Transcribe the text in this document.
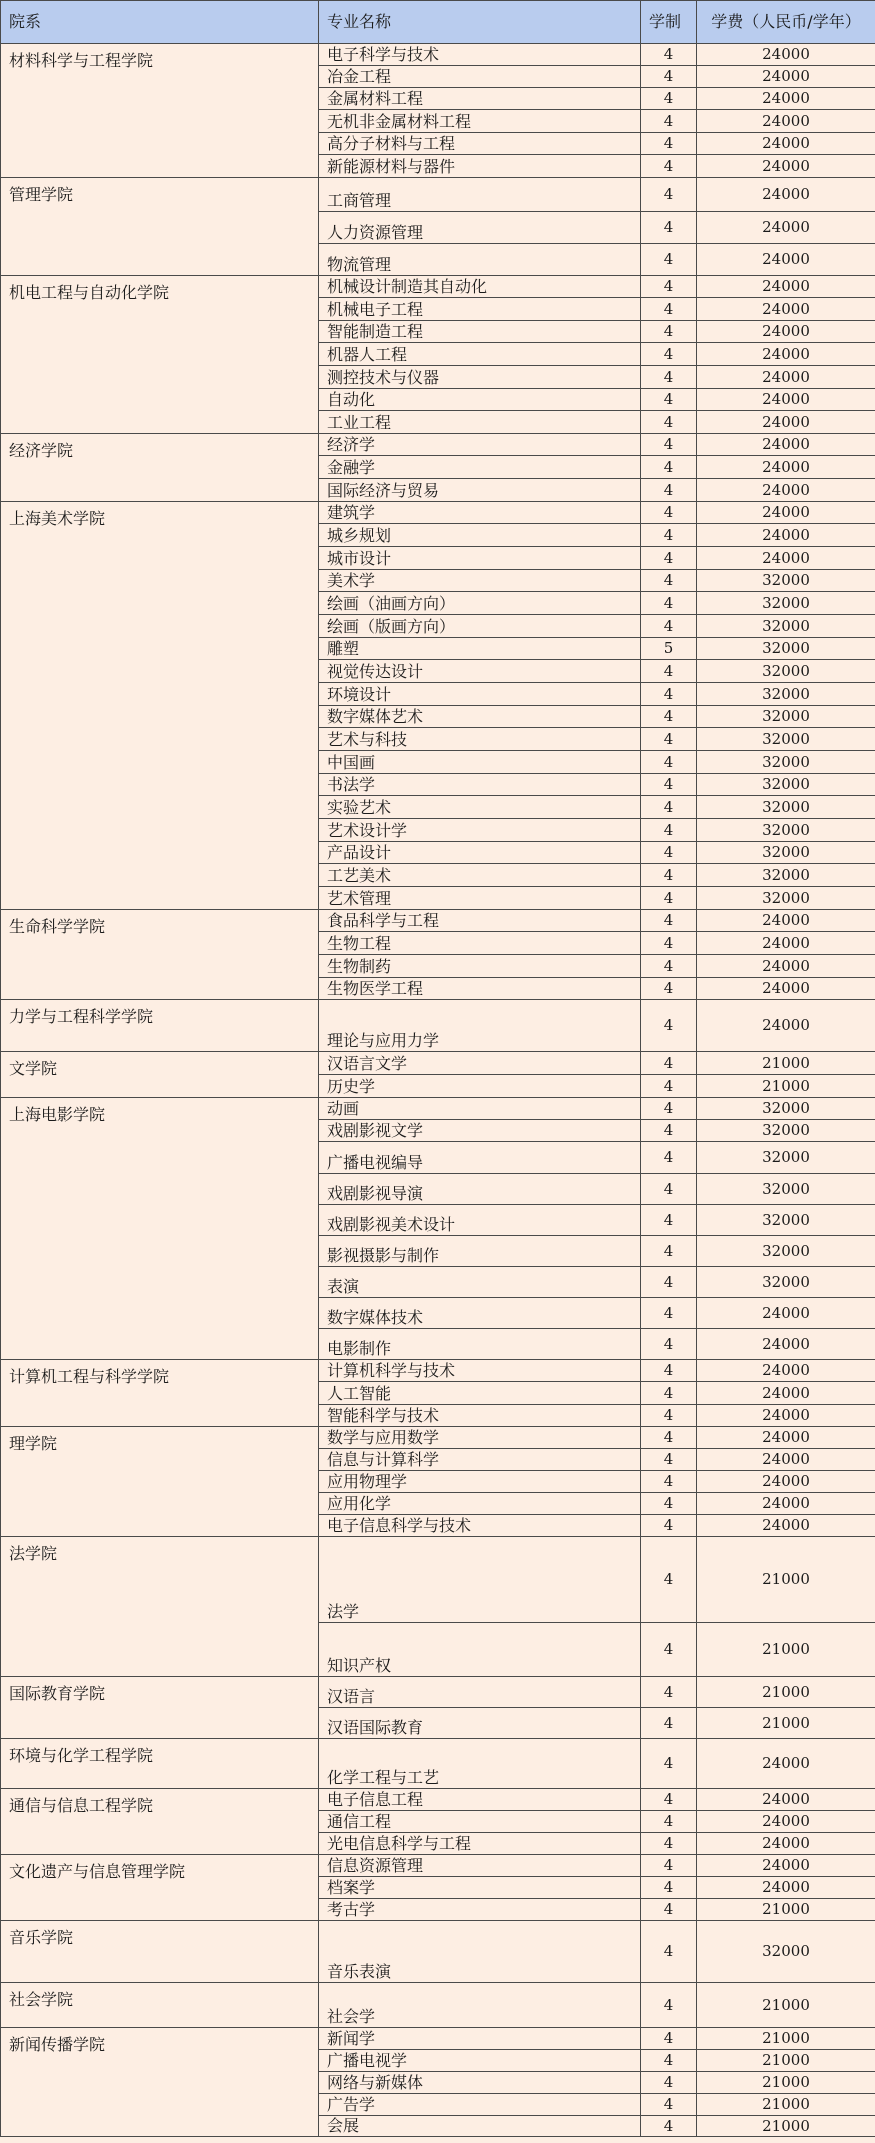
院系	专业名称	学制	学费（人民币/学年）
材料科学与工程学院	电子科学与技术	4	24000
	冶金工程	4	24000
	金属材料工程	4	24000
	无机非金属材料工程	4	24000
	高分子材料与工程	4	24000
	新能源材料与器件	4	24000
管理学院	工商管理	4	24000
	人力资源管理	4	24000
	物流管理	4	24000
机电工程与自动化学院	机械设计制造其自动化	4	24000
	机械电子工程	4	24000
	智能制造工程	4	24000
	机器人工程	4	24000
	测控技术与仪器	4	24000
	自动化	4	24000
	工业工程	4	24000
经济学院	经济学	4	24000
	金融学	4	24000
	国际经济与贸易	4	24000
上海美术学院	建筑学	4	24000
	城乡规划	4	24000
	城市设计	4	24000
	美术学	4	32000
	绘画（油画方向）	4	32000
	绘画（版画方向）	4	32000
	雕塑	5	32000
	视觉传达设计	4	32000
	环境设计	4	32000
	数字媒体艺术	4	32000
	艺术与科技	4	32000
	中国画	4	32000
	书法学	4	32000
	实验艺术	4	32000
	艺术设计学	4	32000
	产品设计	4	32000
	工艺美术	4	32000
	艺术管理	4	32000
生命科学学院	食品科学与工程	4	24000
	生物工程	4	24000
	生物制药	4	24000
	生物医学工程	4	24000
力学与工程科学学院	理论与应用力学	4	24000
文学院	汉语言文学	4	21000
	历史学	4	21000
上海电影学院	动画	4	32000
	戏剧影视文学	4	32000
	广播电视编导	4	32000
	戏剧影视导演	4	32000
	戏剧影视美术设计	4	32000
	影视摄影与制作	4	32000
	表演	4	32000
	数字媒体技术	4	24000
	电影制作	4	24000
计算机工程与科学学院	计算机科学与技术	4	24000
	人工智能	4	24000
	智能科学与技术	4	24000
理学院	数学与应用数学	4	24000
	信息与计算科学	4	24000
	应用物理学	4	24000
	应用化学	4	24000
	电子信息科学与技术	4	24000
法学院	法学	4	21000
	知识产权	4	21000
国际教育学院	汉语言	4	21000
	汉语国际教育	4	21000
环境与化学工程学院	化学工程与工艺	4	24000
通信与信息工程学院	电子信息工程	4	24000
	通信工程	4	24000
	光电信息科学与工程	4	24000
文化遗产与信息管理学院	信息资源管理	4	24000
	档案学	4	24000
	考古学	4	21000
音乐学院	音乐表演	4	32000
社会学院	社会学	4	21000
新闻传播学院	新闻学	4	21000
	广播电视学	4	21000
	网络与新媒体	4	21000
	广告学	4	21000
	会展	4	21000
